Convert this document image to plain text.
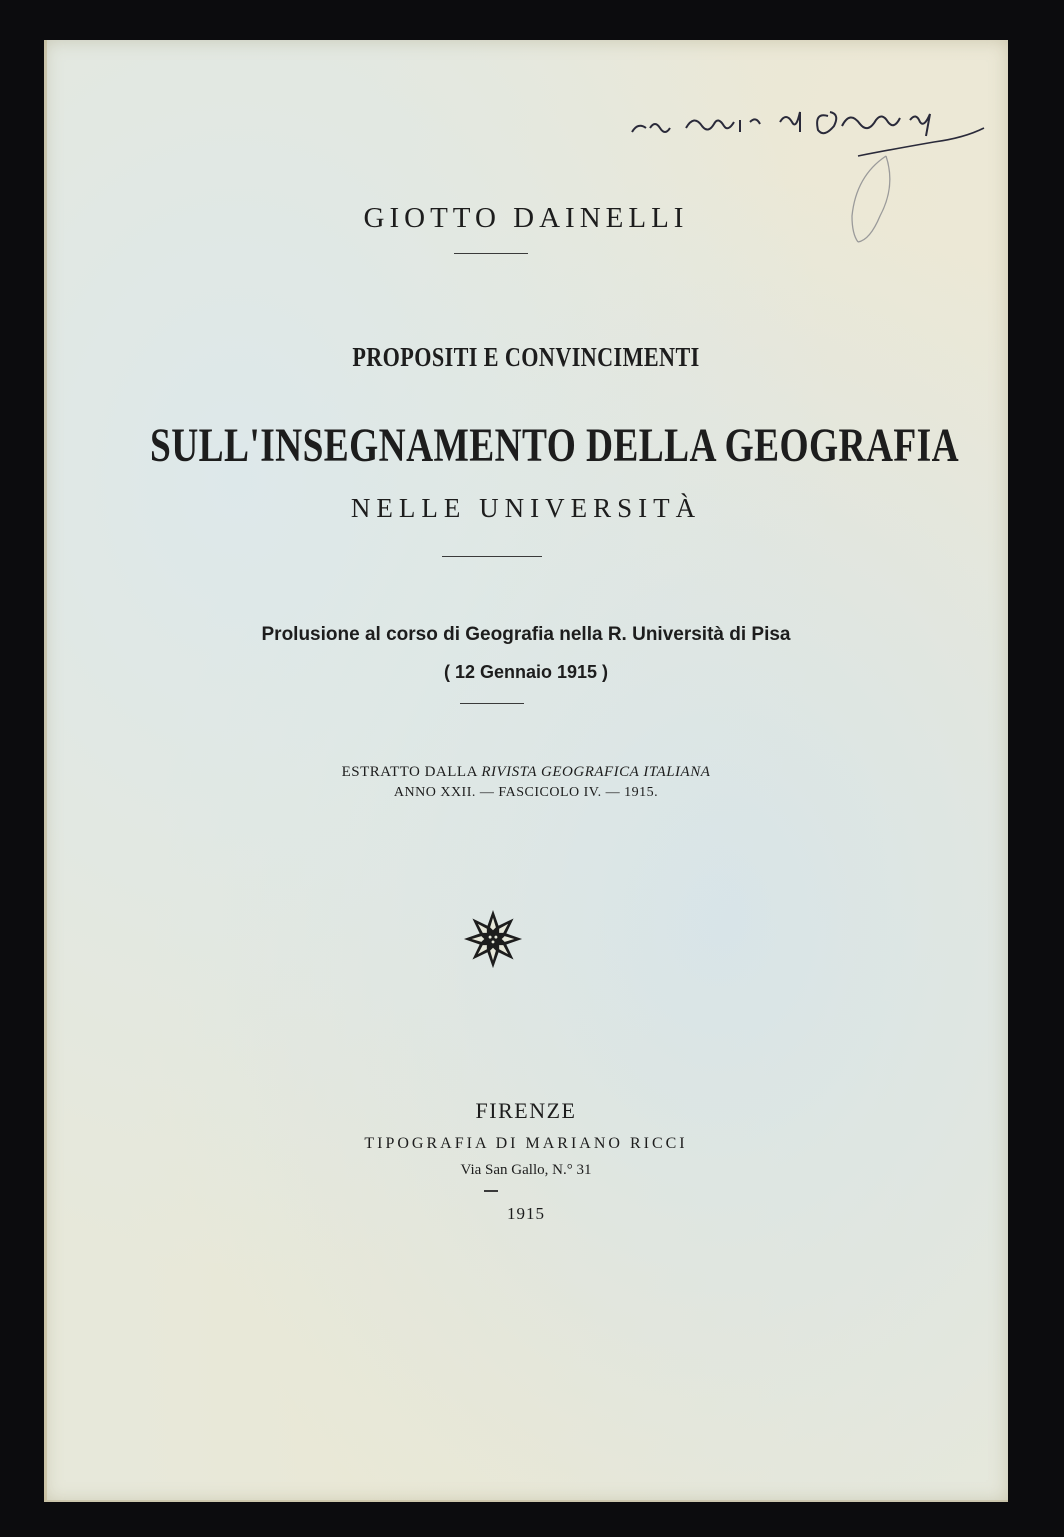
GIOTTO DAINELLI
PROPOSITI E CONVINCIMENTI
SULL'INSEGNAMENTO DELLA GEOGRAFIA
NELLE UNIVERSITÀ
Prolusione al corso di Geografia nella R. Università di Pisa
( 12 Gennaio 1915 )
ESTRATTO DALLA RIVISTA GEOGRAFICA ITALIANA
ANNO XXII. — FASCICOLO IV. — 1915.
FIRENZE
TIPOGRAFIA DI MARIANO RICCI
Via San Gallo, N.° 31
1915
